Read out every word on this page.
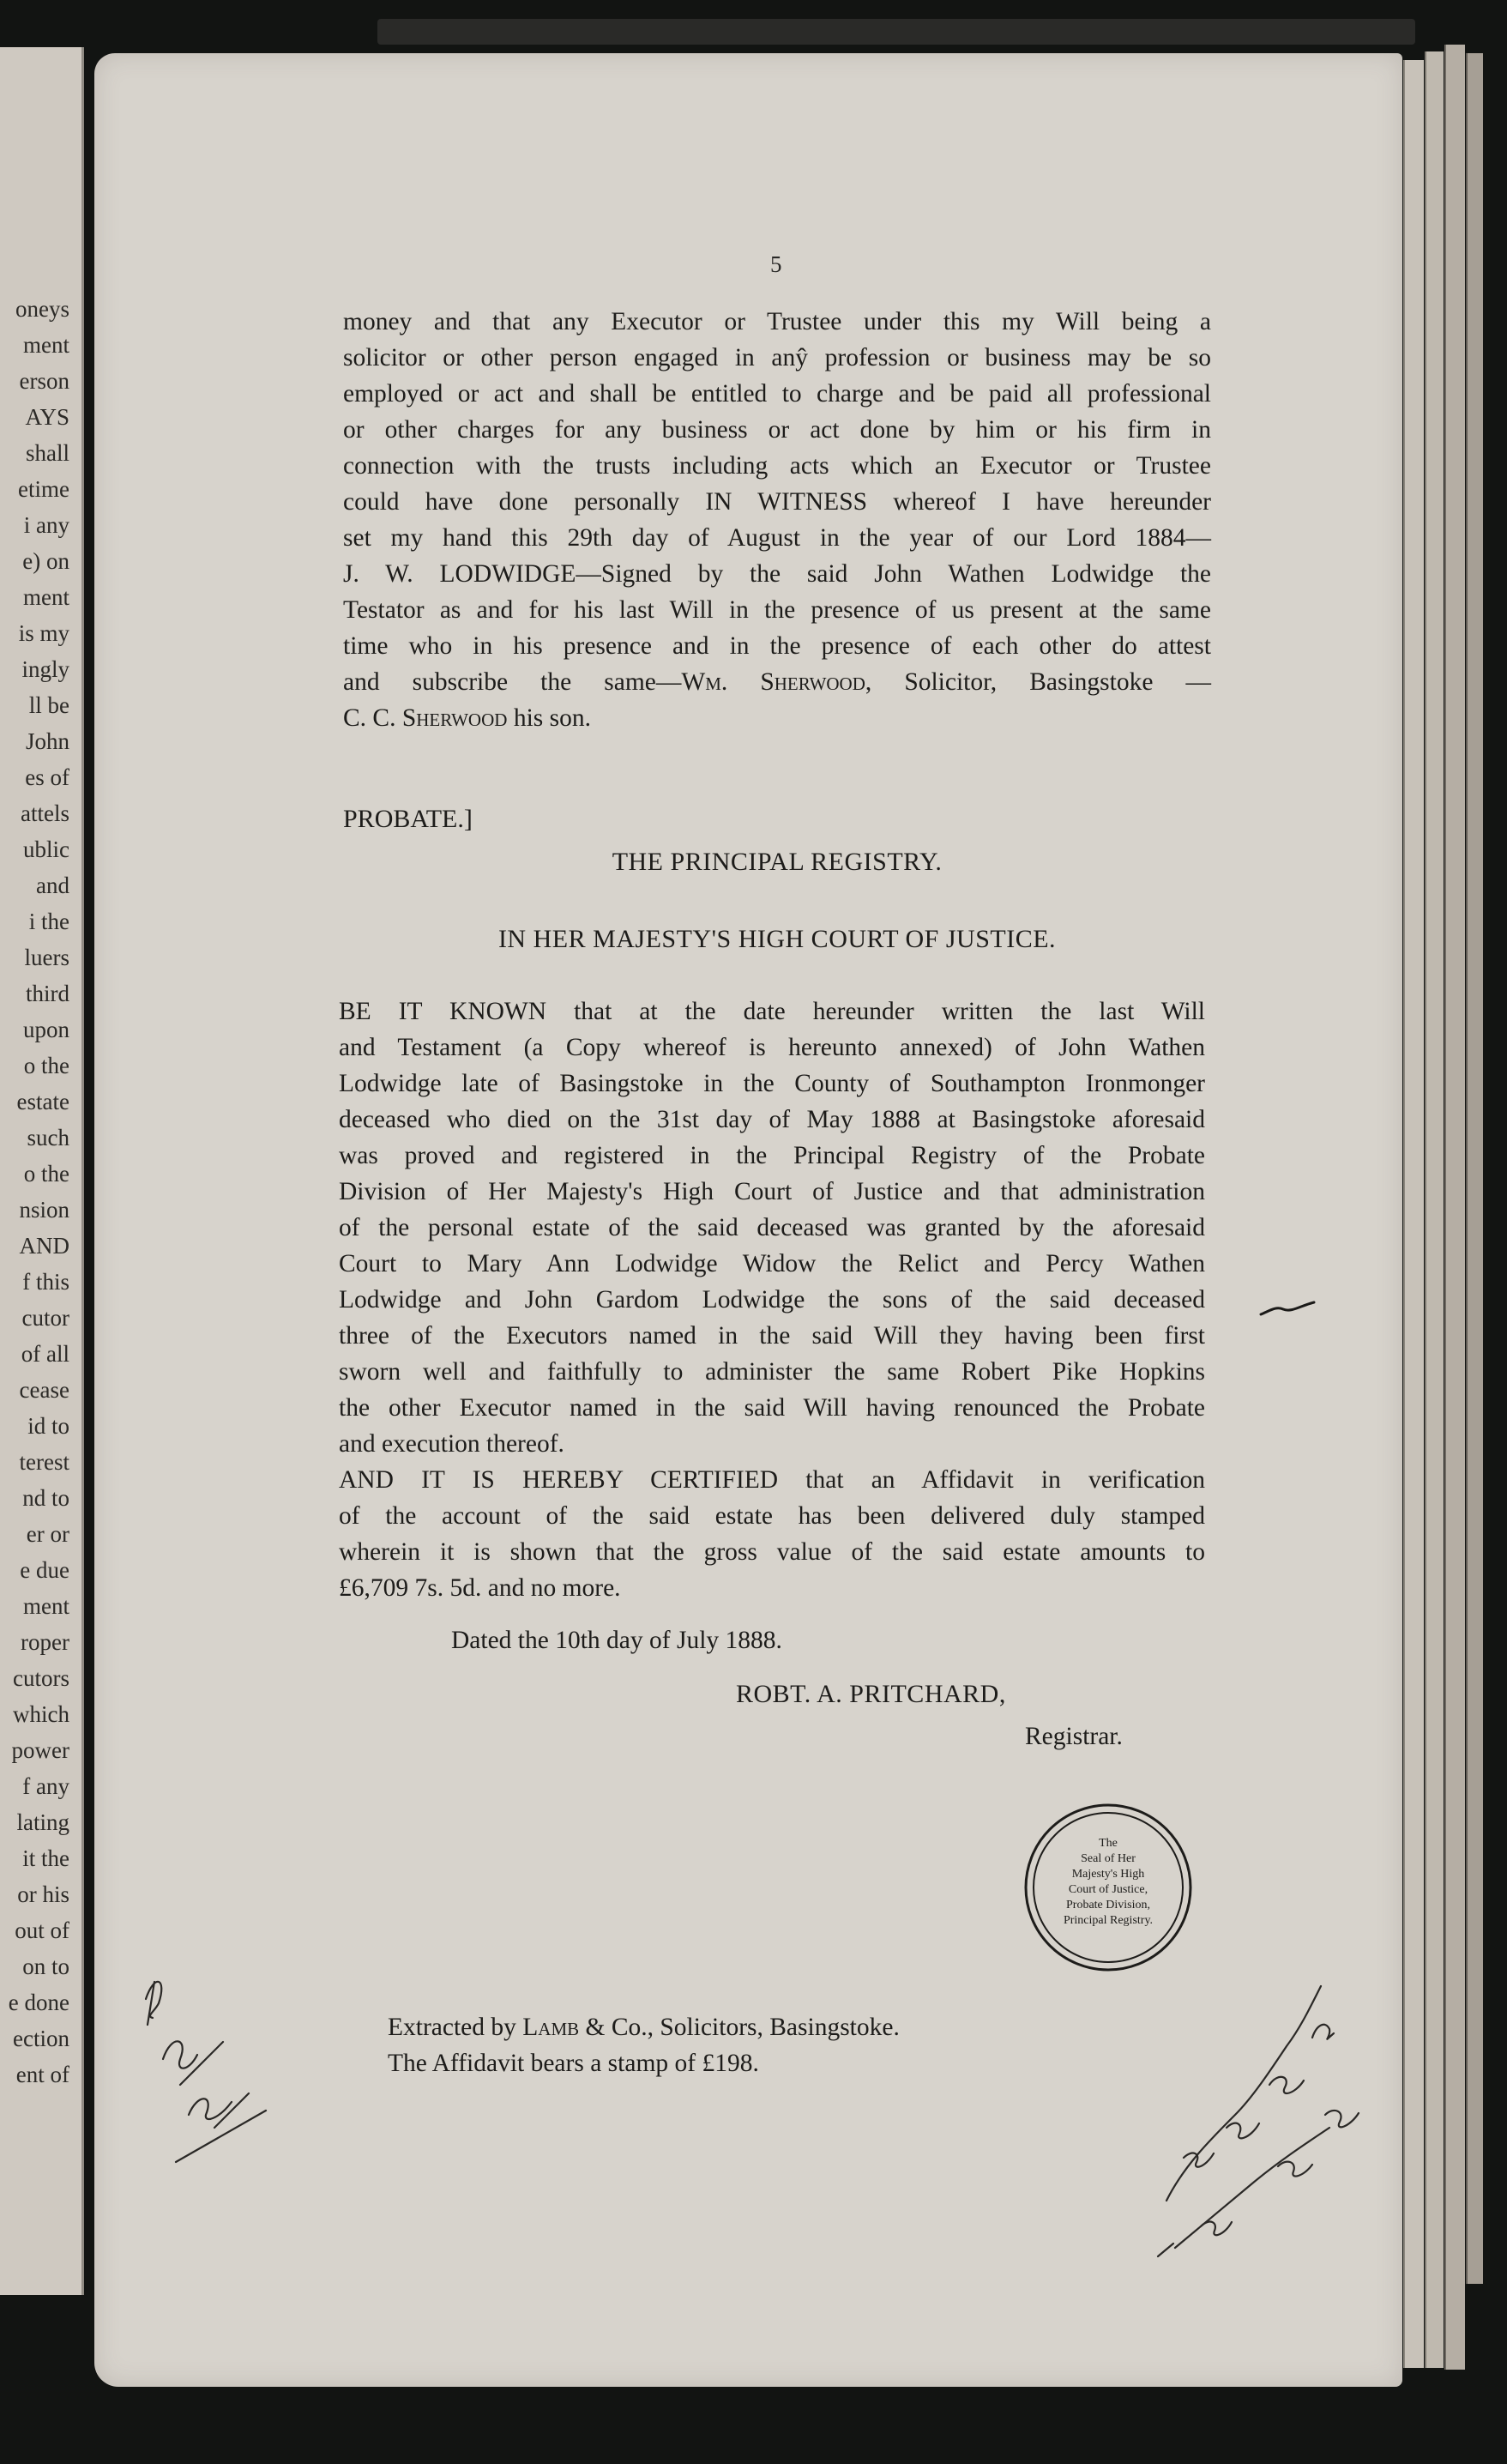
oneys
ment
erson
AYS
shall
etime
i any
e) on
ment
is my
ingly
ll be
John
es of
attels
ublic
and
i the
luers
third
upon
o the
estate
such
o the
nsion
AND
f this
cutor
of all
cease
id to
terest
nd to
er or
e due
ment
roper
cutors
which
power
f any
lating
it the
or his
out of
on to
e done
ection
ent of
5
money and that any Executor or Trustee under this my Will being a
solicitor or other person engaged in anŷ profession or business may be so
employed or act and shall be entitled to charge and be paid all professional
or other charges for any business or act done by him or his firm in
connection with the trusts including acts which an Executor or Trustee
could have done personally IN WITNESS whereof I have hereunder
set my hand this 29th day of August in the year of our Lord 1884—
J. W. LODWIDGE—Signed by the said John Wathen Lodwidge the
Testator as and for his last Will in the presence of us present at the same
time who in his presence and in the presence of each other do attest
and subscribe the same—Wm. Sherwood, Solicitor, Basingstoke —
C. C. Sherwood his son.
PROBATE.]
THE PRINCIPAL REGISTRY.
IN HER MAJESTY'S HIGH COURT OF JUSTICE.
BE IT KNOWN that at the date hereunder written the last Will
and Testament (a Copy whereof is hereunto annexed) of John Wathen
Lodwidge late of Basingstoke in the County of Southampton Ironmonger
deceased who died on the 31st day of May 1888 at Basingstoke aforesaid
was proved and registered in the Principal Registry of the Probate
Division of Her Majesty's High Court of Justice and that administration
of the personal estate of the said deceased was granted by the aforesaid
Court to Mary Ann Lodwidge Widow the Relict and Percy Wathen
Lodwidge and John Gardom Lodwidge the sons of the said deceased
three of the Executors named in the said Will they having been first
sworn well and faithfully to administer the same Robert Pike Hopkins
the other Executor named in the said Will having renounced the Probate
and execution thereof.
AND IT IS HEREBY CERTIFIED that an Affidavit in verification
of the account of the said estate has been delivered duly stamped
wherein it is shown that the gross value of the said estate amounts to
£6,709 7s. 5d. and no more.
Dated the 10th day of July 1888.
ROBT. A. PRITCHARD,
Registrar.
The
Seal of Her
Majesty's High
Court of Justice,
Probate Division,
Principal Registry.
Extracted by Lamb & Co., Solicitors, Basingstoke.
The Affidavit bears a stamp of £198.
